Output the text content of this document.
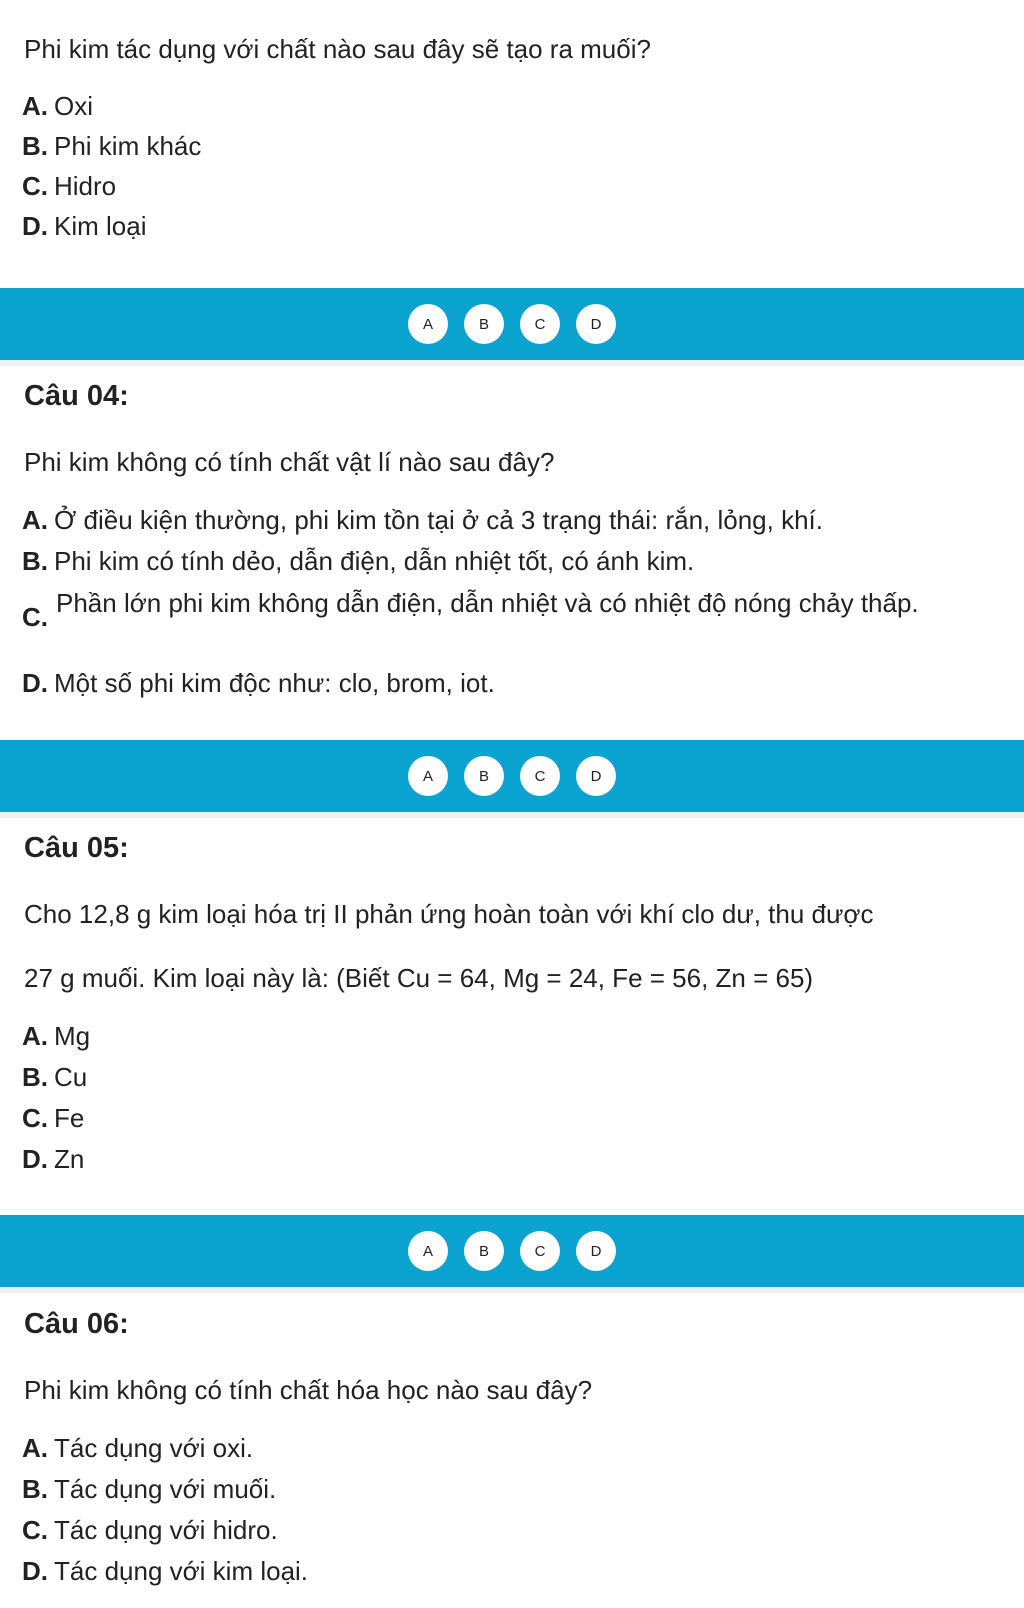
Phi kim tác dụng với chất nào sau đây sẽ tạo ra muối?
A. Oxi
B. Phi kim khác
C. Hidro
D. Kim loại
A	B	C	D
Câu 04:
Phi kim không có tính chất vật lí nào sau đây?
A. Ở điều kiện thường, phi kim tồn tại ở cả 3 trạng thái: rắn, lỏng, khí.
B. Phi kim có tính dẻo, dẫn điện, dẫn nhiệt tốt, có ánh kim.
C. Phần lớn phi kim không dẫn điện, dẫn nhiệt và có nhiệt độ nóng chảy thấp.
D. Một số phi kim độc như: clo, brom, iot.
A	B	C	D
Câu 05:
Cho 12,8 g kim loại hóa trị II phản ứng hoàn toàn với khí clo dư, thu được
27 g muối. Kim loại này là: (Biết Cu = 64, Mg = 24, Fe = 56, Zn = 65)
A. Mg
B. Cu
C. Fe
D. Zn
A	B	C	D
Câu 06:
Phi kim không có tính chất hóa học nào sau đây?
A. Tác dụng với oxi.
B. Tác dụng với muối.
C. Tác dụng với hidro.
D. Tác dụng với kim loại.
